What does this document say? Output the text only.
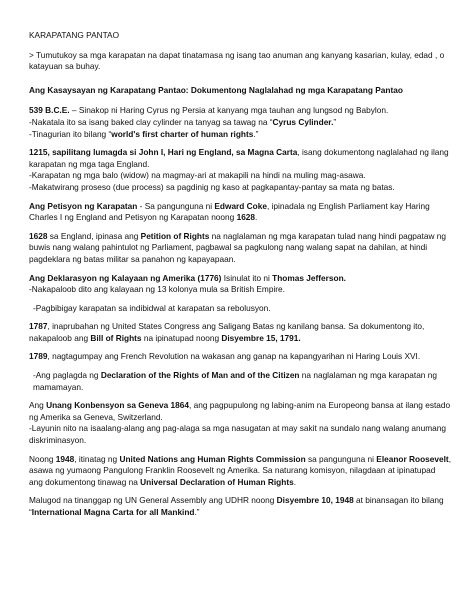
KARAPATANG PANTAO
> Tumutukoy sa mga karapatan na dapat tinatamasa ng isang tao anuman ang kanyang kasarian, kulay, edad , o
katayuan sa buhay.
Ang Kasaysayan ng Karapatang Pantao: Dokumentong Naglalahad ng mga Karapatang Pantao
539 B.C.E. – Sinakop ni Haring Cyrus ng Persia at kanyang mga tauhan ang lungsod ng Babylon.
-Nakatala ito sa isang baked clay cylinder na tanyag sa tawag na “Cyrus Cylinder.”
-Tinagurian ito bilang “world's first charter of human rights.”
1215, sapilitang lumagda si John I, Hari ng England, sa Magna Carta, isang dokumentong naglalahad ng ilang
karapatan ng mga taga England.
-Karapatan ng mga balo (widow) na magmay-ari at makapili na hindi na muling mag-asawa.
-Makatwirang proseso (due process) sa pagdinig ng kaso at pagkapantay-pantay sa mata ng batas.
Ang Petisyon ng Karapatan - Sa pangunguna ni Edward Coke, ipinadala ng English Parliament kay Haring
Charles I ng England and Petisyon ng Karapatan noong 1628.
1628 sa England, ipinasa ang Petition of Rights na naglalaman ng mga karapatan tulad nang hindi pagpataw ng
buwis nang walang pahintulot ng Parliament, pagbawal sa pagkulong nang walang sapat na dahilan, at hindi
pagdeklara ng batas militar sa panahon ng kapayapaan.
Ang Deklarasyon ng Kalayaan ng Amerika (1776) Isinulat ito ni Thomas Jefferson.
-Nakapaloob dito ang kalayaan ng 13 kolonya mula sa British Empire.
-Pagbibigay karapatan sa indibidwal at karapatan sa rebolusyon.
1787, inaprubahan ng United States Congress ang Saligang Batas ng kanilang bansa. Sa dokumentong ito,
nakapaloob ang Bill of Rights na ipinatupad noong Disyembre 15, 1791.
1789, nagtagumpay ang French Revolution na wakasan ang ganap na kapangyarihan ni Haring Louis XVI.
-Ang paglagda ng Declaration of the Rights of Man and of the Citizen na naglalaman ng mga karapatan ng
mamamayan.
Ang Unang Konbensyon sa Geneva 1864, ang pagpupulong ng labing-anim na Europeong bansa at ilang estado
ng Amerika sa Geneva, Switzerland.
-Layunin nito na isaalang-alang ang pag-alaga sa mga nasugatan at may sakit na sundalo nang walang anumang
diskriminasyon.
Noong 1948, itinatag ng United Nations ang Human Rights Commission sa pangunguna ni Eleanor Roosevelt,
asawa ng yumaong Pangulong Franklin Roosevelt ng Amerika. Sa naturang komisyon, nilagdaan at ipinatupad
ang dokumentong tinawag na Universal Declaration of Human Rights.
Malugod na tinanggap ng UN General Assembly ang UDHR noong Disyembre 10, 1948 at binansagan ito bilang
“International Magna Carta for all Mankind.”
